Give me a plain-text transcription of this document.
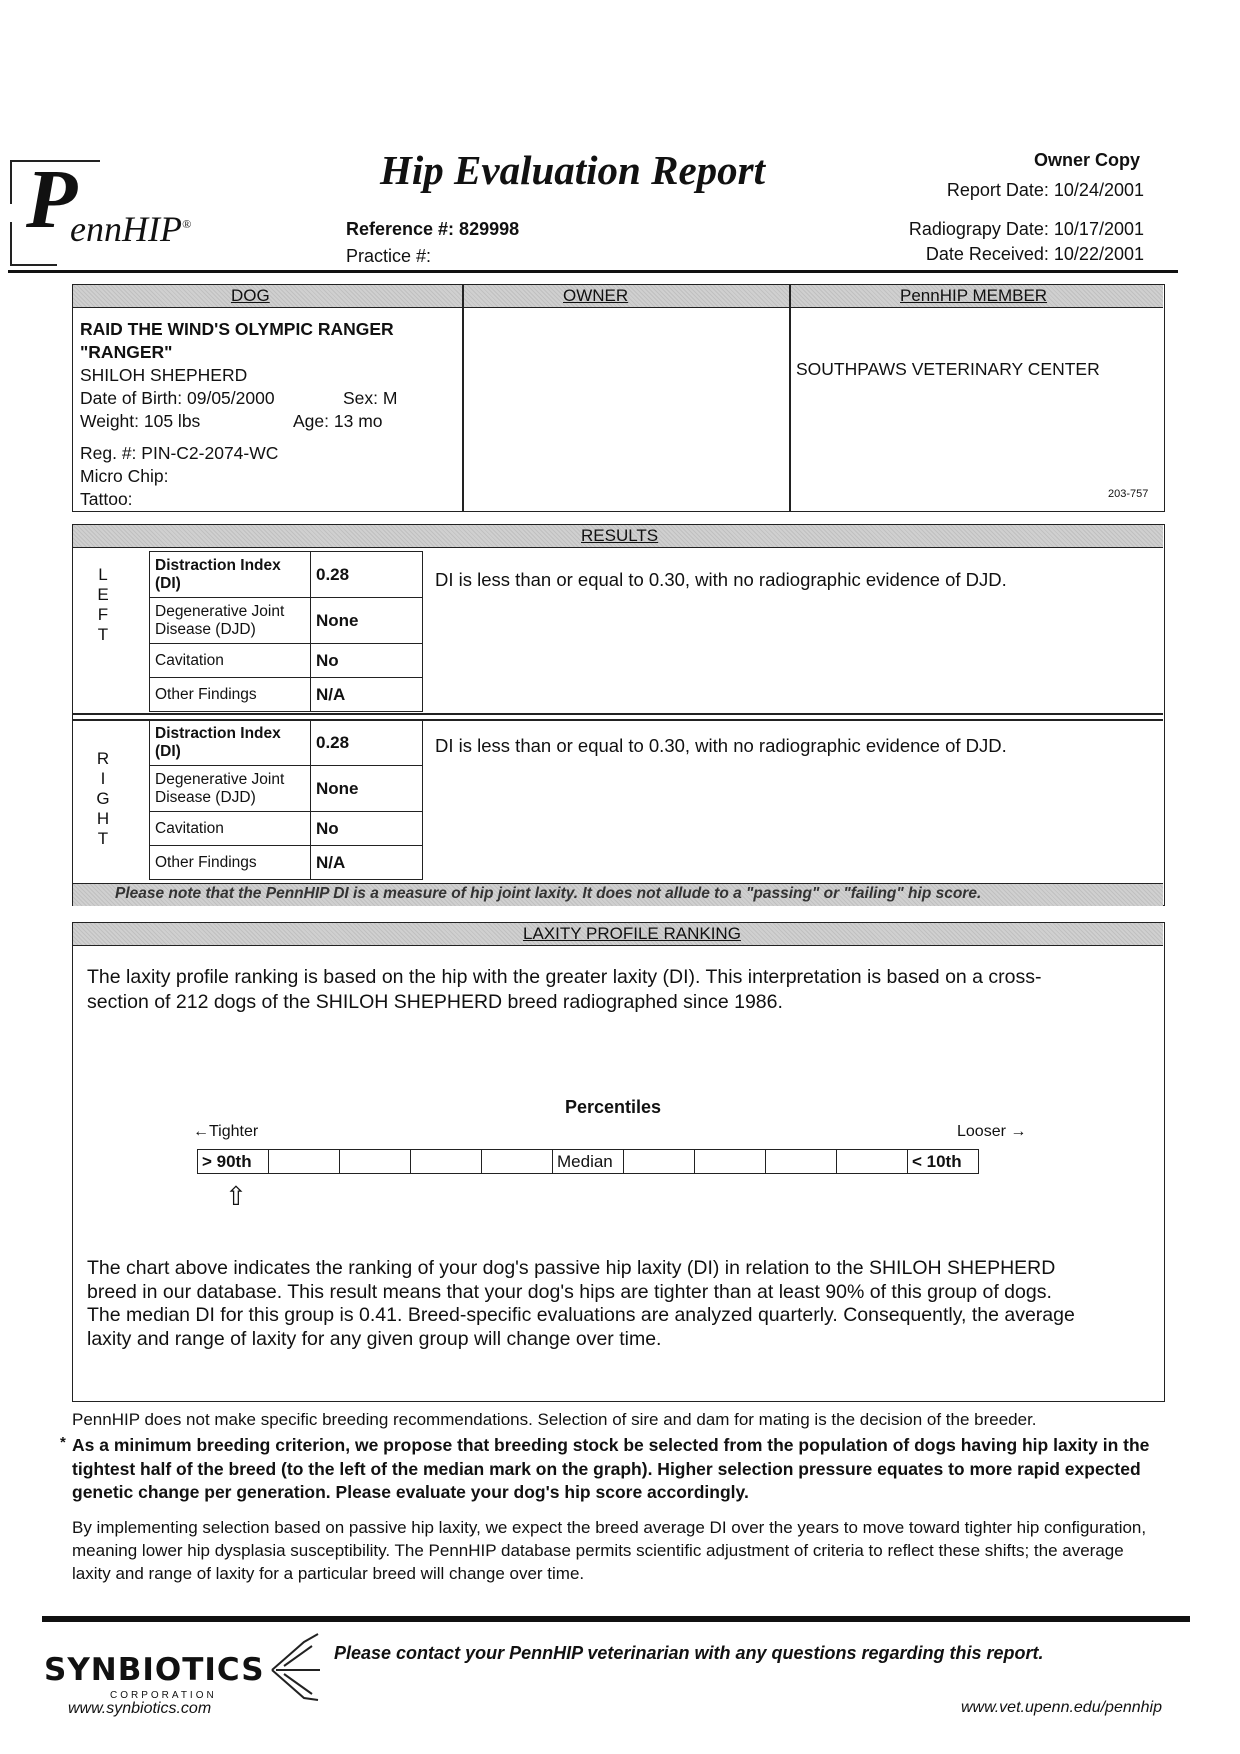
P
ennHIP®
Hip Evaluation Report	Owner Copy
Report Date: 10/24/2001
Reference #: 829998
Practice #:
Radiograpy Date: 10/17/2001
Date Received: 10/22/2001
DOG	OWNER	PennHIP MEMBER
RAID THE WIND'S OLYMPIC RANGER
"RANGER"
SHILOH SHEPHERD
Date of Birth: 09/05/2000	Sex: M
Weight: 105 lbs	Age: 13 mo
Reg. #: PIN-C2-2074-WC
Micro Chip:
Tattoo:
SOUTHPAWS VETERINARY CENTER
203-757
RESULTS
L
E
F
T
Distraction Index (DI)	0.28
Degenerative Joint Disease (DJD)	None
Cavitation	No
Other Findings	N/A
DI is less than or equal to 0.30, with no radiographic evidence of DJD.
R
I
G
H
T
Distraction Index (DI)	0.28
Degenerative Joint Disease (DJD)	None
Cavitation	No
Other Findings	N/A
DI is less than or equal to 0.30, with no radiographic evidence of DJD.
Please note that the PennHIP DI is a measure of hip joint laxity. It does not allude to a "passing" or "failing" hip score.
LAXITY PROFILE RANKING
The laxity profile ranking is based on the hip with the greater laxity (DI). This interpretation is based on a cross-section of 212 dogs of the SHILOH SHEPHERD breed radiographed since 1986.
Percentiles
←Tighter	Looser →
> 90th					Median					< 10th
⇧
The chart above indicates the ranking of your dog's passive hip laxity (DI) in relation to the SHILOH SHEPHERD breed in our database. This result means that your dog's hips are tighter than at least 90% of this group of dogs. The median DI for this group is 0.41. Breed-specific evaluations are analyzed quarterly. Consequently, the average laxity and range of laxity for any given group will change over time.
PennHIP does not make specific breeding recommendations. Selection of sire and dam for mating is the decision of the breeder.
* As a minimum breeding criterion, we propose that breeding stock be selected from the population of dogs having hip laxity in the tightest half of the breed (to the left of the median mark on the graph). Higher selection pressure equates to more rapid expected genetic change per generation. Please evaluate your dog's hip score accordingly.
By implementing selection based on passive hip laxity, we expect the breed average DI over the years to move toward tighter hip configuration, meaning lower hip dysplasia susceptibility. The PennHIP database permits scientific adjustment of criteria to reflect these shifts; the average laxity and range of laxity for a particular breed will change over time.
SYNBIOTICS
CORPORATION
Please contact your PennHIP veterinarian with any questions regarding this report.
www.synbiotics.com	www.vet.upenn.edu/pennhip
